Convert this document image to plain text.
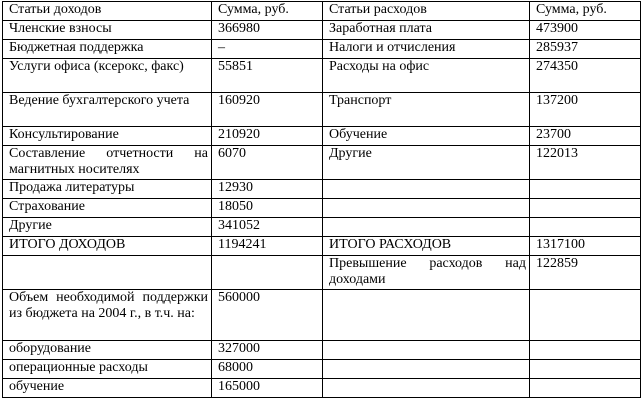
Статьи доходов	Сумма, руб.	Статьи расходов	Сумма, руб.
Членские взносы	366980	Заработная плата	473900
Бюджетная поддержка	–	Налоги и отчисления	285937
Услуги офиса (ксерокс, факс)	55851	Расходы на офис	274350
Ведение бухгалтерского учета	160920	Транспорт	137200
Консультирование	210920	Обучение	23700
Составление отчетности на магнитных носителях	6070	Другие	122013
Продажа литературы	12930		
Страхование	18050		
Другие	341052		
ИТОГО ДОХОДОВ	1194241	ИТОГО РАСХОДОВ	1317100
		Превышение расходов над доходами	122859
Объем необходимой поддержки из бюджета на 2004 г., в т.ч. на:	560000		
оборудование	327000		
операционные расходы	68000		
обучение	165000		
